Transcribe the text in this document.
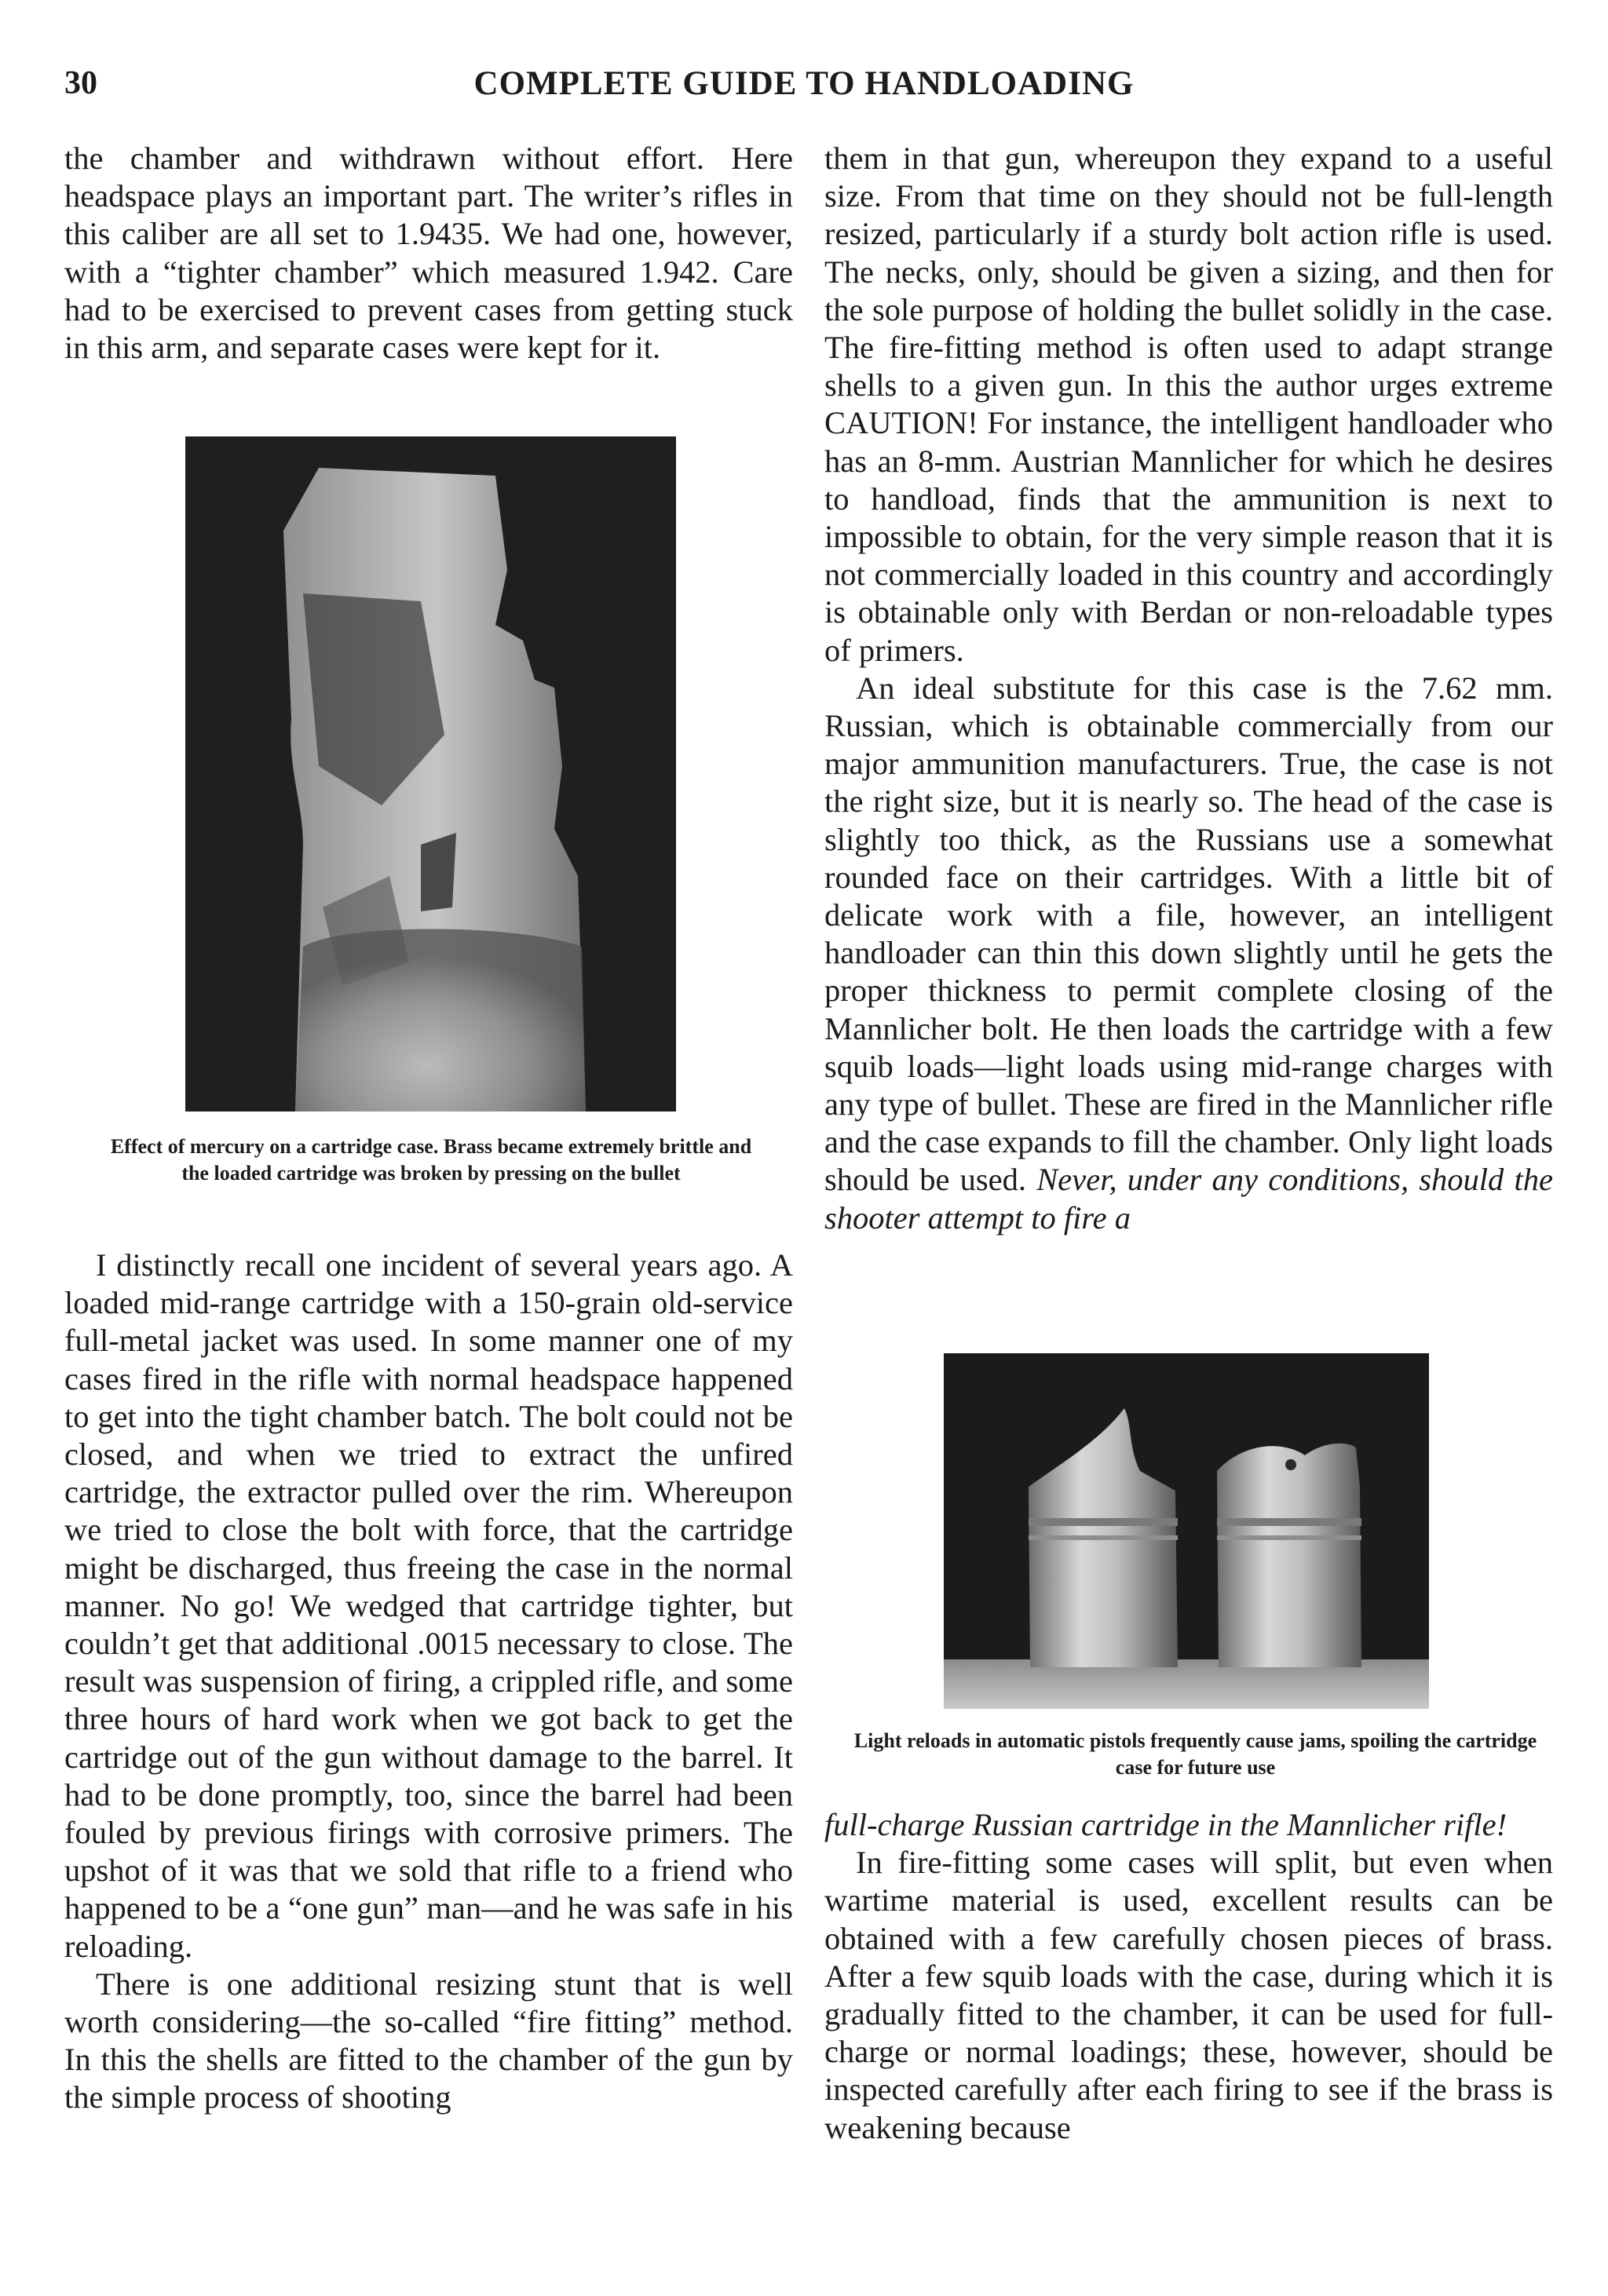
30	COMPLETE GUIDE TO HANDLOADING

the chamber and withdrawn without effort. Here headspace plays an important part. The writer’s rifles in this caliber are all set to 1.9435. We had one, however, with a “tighter chamber” which measured 1.942. Care had to be exercised to prevent cases from getting stuck in this arm, and separate cases were kept for it.

Effect of mercury on a cartridge case. Brass became extremely brittle and the loaded cartridge was broken by pressing on the bullet

I distinctly recall one incident of several years ago. A loaded mid-range cartridge with a 150-grain old-service full-metal jacket was used. In some manner one of my cases fired in the rifle with normal headspace happened to get into the tight chamber batch. The bolt could not be closed, and when we tried to extract the unfired cartridge, the extractor pulled over the rim. Whereupon we tried to close the bolt with force, that the cartridge might be discharged, thus freeing the case in the normal manner. No go! We wedged that cartridge tighter, but couldn’t get that additional .0015 necessary to close. The result was suspension of firing, a crippled rifle, and some three hours of hard work when we got back to get the cartridge out of the gun without damage to the barrel. It had to be done promptly, too, since the barrel had been fouled by previous firings with corrosive primers. The upshot of it was that we sold that rifle to a friend who happened to be a “one gun” man—and he was safe in his reloading.

There is one additional resizing stunt that is well worth considering—the so-called “fire fitting” method. In this the shells are fitted to the chamber of the gun by the simple process of shooting

them in that gun, whereupon they expand to a useful size. From that time on they should not be full-length resized, particularly if a sturdy bolt action rifle is used. The necks, only, should be given a sizing, and then for the sole purpose of holding the bullet solidly in the case. The fire-fitting method is often used to adapt strange shells to a given gun. In this the author urges extreme CAUTION! For instance, the intelligent handloader who has an 8-mm. Austrian Mannlicher for which he desires to handload, finds that the ammunition is next to impossible to obtain, for the very simple reason that it is not commercially loaded in this country and accordingly is obtainable only with Berdan or non-reloadable types of primers.

An ideal substitute for this case is the 7.62 mm. Russian, which is obtainable commercially from our major ammunition manufacturers. True, the case is not the right size, but it is nearly so. The head of the case is slightly too thick, as the Russians use a somewhat rounded face on their cartridges. With a little bit of delicate work with a file, however, an intelligent handloader can thin this down slightly until he gets the proper thickness to permit complete closing of the Mannlicher bolt. He then loads the cartridge with a few squib loads—light loads using mid-range charges with any type of bullet. These are fired in the Mannlicher rifle and the case expands to fill the chamber. Only light loads should be used. Never, under any conditions, should the shooter attempt to fire a

Light reloads in automatic pistols frequently cause jams, spoiling the cartridge case for future use

full-charge Russian cartridge in the Mannlicher rifle!

In fire-fitting some cases will split, but even when wartime material is used, excellent results can be obtained with a few carefully chosen pieces of brass. After a few squib loads with the case, during which it is gradually fitted to the chamber, it can be used for full-charge or normal loadings; these, however, should be inspected carefully after each firing to see if the brass is weakening because
